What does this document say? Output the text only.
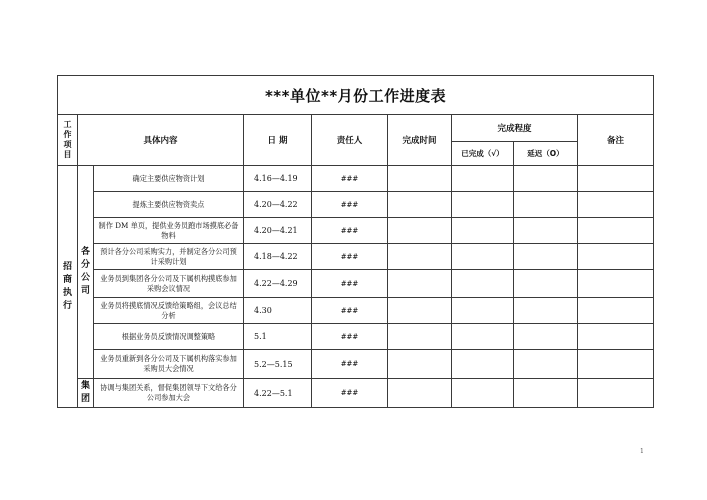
***单位**月份工作进度表								
工作项目	具体内容		日 期	责任人	完成时间	完成程度		备注
						已完成（√）	延迟（O）	
招商执行	各分公司	确定主要供应物资计划	4.16—4.19	###				
		提炼主要供应物资卖点	4.20—4.22	###				
		制作 DM 单页，提供业务员跑市场摸底必备物料	4.20—4.21	###				
		预计各分公司采购实力，并制定各分公司预计采购计划	4.18—4.22	###				
		业务员到集团各分公司及下属机构摸底参加采购会议情况	4.22—4.29	###				
		业务员将摸底情况反馈给策略组，会议总结分析	4.30	###				
		根据业务员反馈情况调整策略	5.1	###				
		业务员重新到各分公司及下属机构落实参加采购员大会情况	5.2—5.15	###				
	集团	协调与集团关系，督促集团领导下文给各分公司参加大会	4.22—5.1	###				
1
